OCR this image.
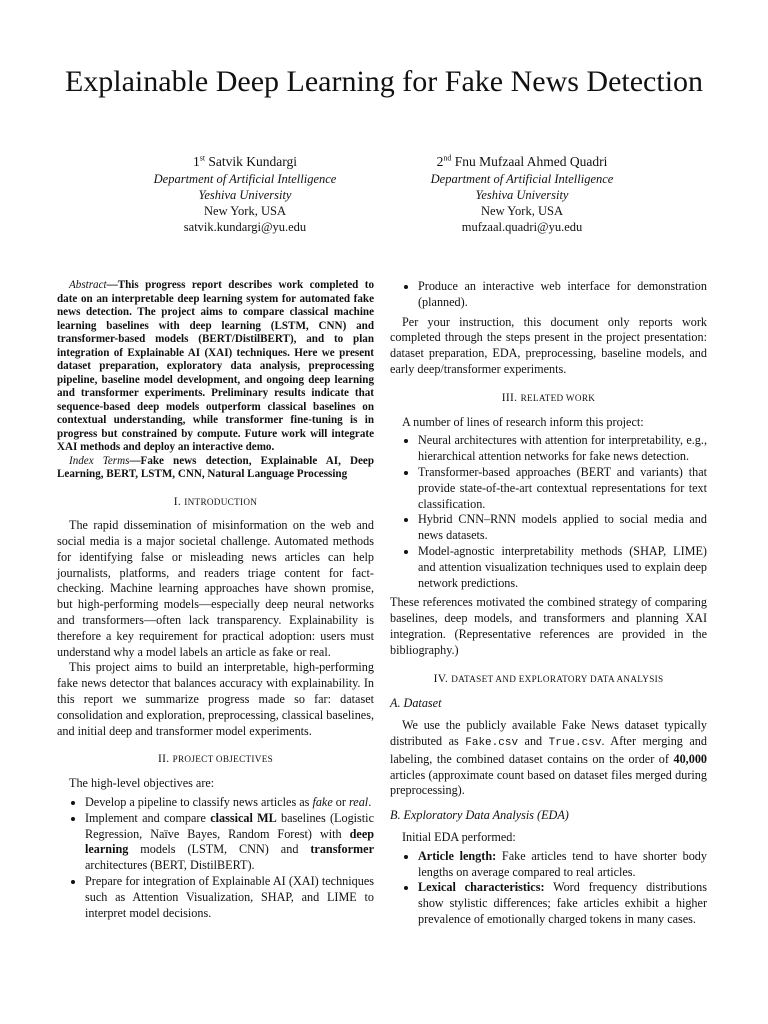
Explainable Deep Learning for Fake News Detection
1st Satvik Kundargi
Department of Artificial Intelligence
Yeshiva University
New York, USA
satvik.kundargi@yu.edu
2nd Fnu Mufzaal Ahmed Quadri
Department of Artificial Intelligence
Yeshiva University
New York, USA
mufzaal.quadri@yu.edu

Abstract—This progress report describes work completed to date on an interpretable deep learning system for automated fake news detection. The project aims to compare classical machine learning baselines with deep learning (LSTM, CNN) and transformer-based models (BERT/DistilBERT), and to plan integration of Explainable AI (XAI) techniques. Here we present dataset preparation, exploratory data analysis, preprocessing pipeline, baseline model development, and ongoing deep learning and transformer experiments. Preliminary results indicate that sequence-based deep models outperform classical baselines on contextual understanding, while transformer fine-tuning is in progress but constrained by compute. Future work will integrate XAI methods and deploy an interactive demo.

Index Terms—Fake news detection, Explainable AI, Deep Learning, BERT, LSTM, CNN, Natural Language Processing

I. INTRODUCTION

The rapid dissemination of misinformation on the web and social media is a major societal challenge. Automated methods for identifying false or misleading news articles can help journalists, platforms, and readers triage content for fact-checking. Machine learning approaches have shown promise, but high-performing models—especially deep neural networks and transformers—often lack transparency. Explainability is therefore a key requirement for practical adoption: users must understand why a model labels an article as fake or real.

This project aims to build an interpretable, high-performing fake news detector that balances accuracy with explainability. In this report we summarize progress made so far: dataset consolidation and exploration, preprocessing, classical baselines, and initial deep and transformer model experiments.

II. PROJECT OBJECTIVES

The high-level objectives are:

• Develop a pipeline to classify news articles as fake or real.
• Implement and compare classical ML baselines (Logistic Regression, Naïve Bayes, Random Forest) with deep learning models (LSTM, CNN) and transformer architectures (BERT, DistilBERT).
• Prepare for integration of Explainable AI (XAI) techniques such as Attention Visualization, SHAP, and LIME to interpret model decisions.
• Produce an interactive web interface for demonstration (planned).

Per your instruction, this document only reports work completed through the steps present in the project presentation: dataset preparation, EDA, preprocessing, baseline models, and early deep/transformer experiments.

III. RELATED WORK

A number of lines of research inform this project:

• Neural architectures with attention for interpretability, e.g., hierarchical attention networks for fake news detection.
• Transformer-based approaches (BERT and variants) that provide state-of-the-art contextual representations for text classification.
• Hybrid CNN–RNN models applied to social media and news datasets.
• Model-agnostic interpretability methods (SHAP, LIME) and attention visualization techniques used to explain deep network predictions.

These references motivated the combined strategy of comparing baselines, deep models, and transformers and planning XAI integration. (Representative references are provided in the bibliography.)

IV. DATASET AND EXPLORATORY DATA ANALYSIS
A. Dataset

We use the publicly available Fake News dataset typically distributed as Fake.csv and True.csv. After merging and labeling, the combined dataset contains on the order of 40,000 articles (approximate count based on dataset files merged during preprocessing).

B. Exploratory Data Analysis (EDA)

Initial EDA performed:

• Article length: Fake articles tend to have shorter body lengths on average compared to real articles.
• Lexical characteristics: Word frequency distributions show stylistic differences; fake articles exhibit a higher prevalence of emotionally charged tokens in many cases.
